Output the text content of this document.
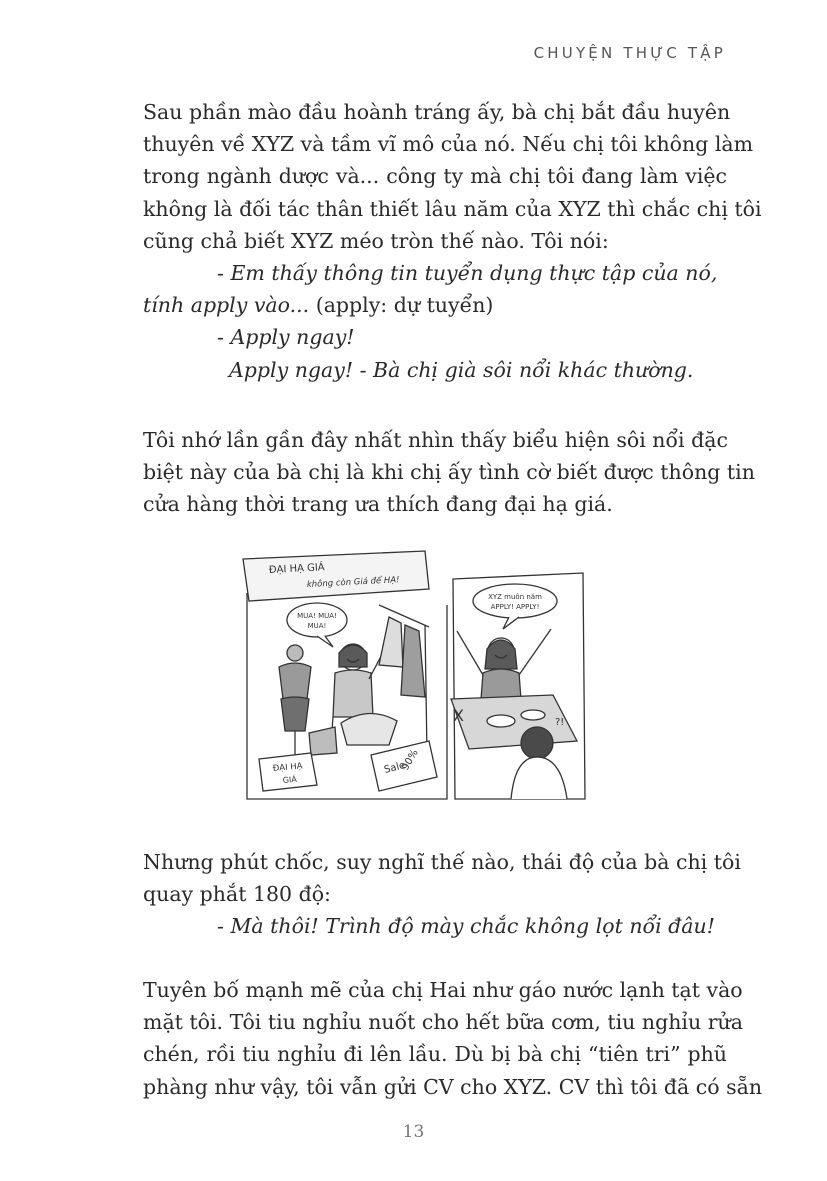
CHUYỆN THỰC TẬP
Sau phần mào đầu hoành tráng ấy, bà chị bắt đầu huyên
thuyên về XYZ và tầm vĩ mô của nó. Nếu chị tôi không làm
trong ngành dược và... công ty mà chị tôi đang làm việc
không là đối tác thân thiết lâu năm của XYZ thì chắc chị tôi
cũng chả biết XYZ méo tròn thế nào. Tôi nói:
- Em thấy thông tin tuyển dụng thực tập của nó,
tính apply vào... (apply: dự tuyển)
- Apply ngay!
Apply ngay! - Bà chị già sôi nổi khác thường.
Tôi nhớ lần gần đây nhất nhìn thấy biểu hiện sôi nổi đặc
biệt này của bà chị là khi chị ấy tình cờ biết được thông tin
cửa hàng thời trang ưa thích đang đại hạ giá.
ĐẠI HẠ GIÁ
không còn Giá để HẠ!
MUA! MUA!
MUA!
ĐẠI HẠ
GIÁ
Sale
90%
XYZ muôn năm
APPLY! APPLY!
X	?!
Nhưng phút chốc, suy nghĩ thế nào, thái độ của bà chị tôi
quay phắt 180 độ:
- Mà thôi! Trình độ mày chắc không lọt nổi đâu!
Tuyên bố mạnh mẽ của chị Hai như gáo nước lạnh tạt vào
mặt tôi. Tôi tiu nghỉu nuốt cho hết bữa cơm, tiu nghỉu rửa
chén, rồi tiu nghỉu đi lên lầu. Dù bị bà chị “tiên tri” phũ
phàng như vậy, tôi vẫn gửi CV cho XYZ. CV thì tôi đã có sẵn
13
